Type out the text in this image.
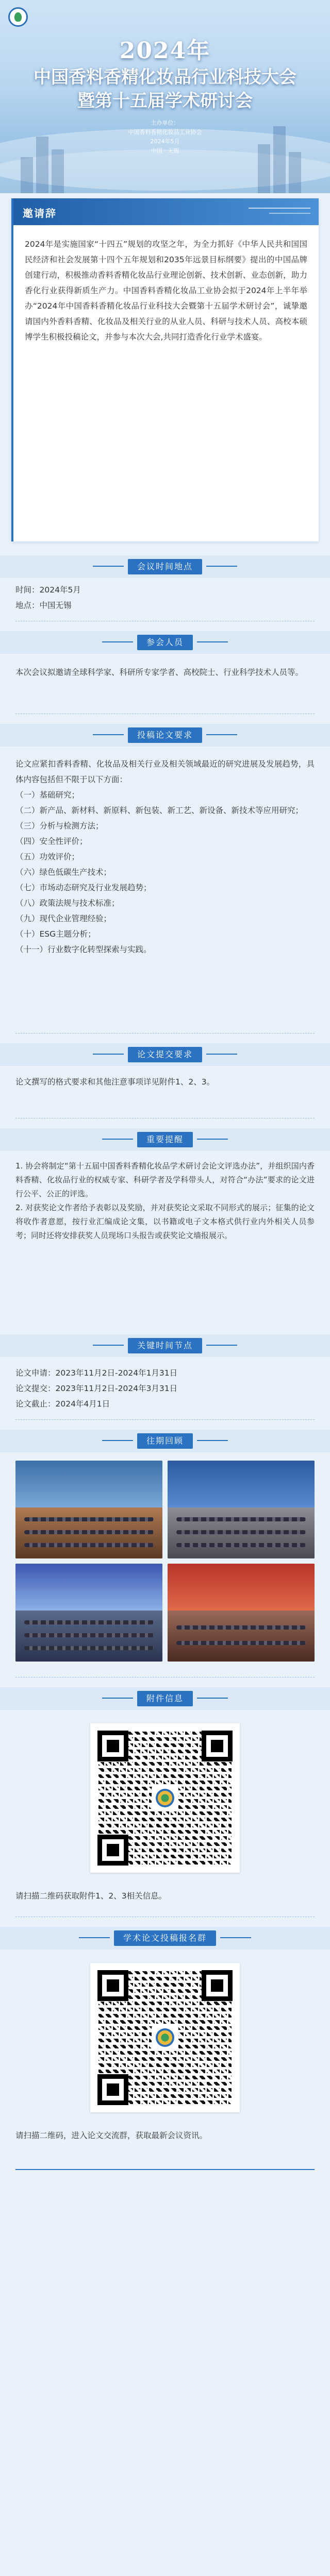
2024年
中国香料香精化妆品行业科技大会
暨第十五届学术研讨会
主办单位：
中国香料香精化妆品工业协会
2024年5月
中国 · 无锡
邀请辞
2024年是实施国家“十四五”规划的攻坚之年，为全力抓好《中华人民共和国国民经济和社会发展第十四个五年规划和2035年远景目标纲要》提出的中国品牌创建行动，积极推动香料香精化妆品行业理论创新、技术创新、业态创新，助力香化行业获得新质生产力。中国香料香精化妆品工业协会拟于2024年上半年举办“2024年中国香料香精化妆品行业科技大会暨第十五届学术研讨会”，诚挚邀请国内外香料香精、化妆品及相关行业的从业人员、科研与技术人员、高校本硕博学生积极投稿论文，并参与本次大会,共同打造香化行业学术盛宴。
会议时间地点

时间：2024年5月

地点：中国无锡

参会人员
本次会议拟邀请全球科学家、科研所专家学者、高校院士、行业科学技术人员等。
投稿论文要求

论文应紧扣香料香精、化妆品及相关行业及相关领域最近的研究进展及发展趋势，具体内容包括但不限于以下方面：

（一）基础研究；

（二）新产品、新材料、新原料、新包装、新工艺、新设备、新技术等应用研究；

（三）分析与检测方法；

（四）安全性评价；

（五）功效评价；

（六）绿色低碳生产技术；

（七）市场动态研究及行业发展趋势；

（八）政策法规与技术标准；

（九）现代企业管理经验；

（十）ESG主题分析；

（十一）行业数字化转型探索与实践。

论文提交要求
论文撰写的格式要求和其他注意事项详见附件1、2、3。
重要提醒

1. 协会将制定“第十五届中国香料香精化妆品学术研讨会论文评选办法”，并组织国内香料香精、化妆品行业的权威专家、科研学者及学科带头人，对符合“办法”要求的论文进行公平、公正的评选。

2. 对获奖论文作者给予表彰以及奖励，并对获奖论文采取不同形式的展示；征集的论文将收作者意愿，按行业汇编成论文集，以书籍或电子文本格式供行业内外相关人员参考；同时还将安排获奖人员现场口头报告或获奖论文墙报展示。

关键时间节点

论文申请：2023年11月2日-2024年1月31日

论文提交：2023年11月2日-2024年3月31日

论文截止：2024年4月1日

往期回顾
附件信息
请扫描二维码获取附件1、2、3相关信息。
学术论文投稿报名群
请扫描二维码，进入论文交流群，获取最新会议资讯。
